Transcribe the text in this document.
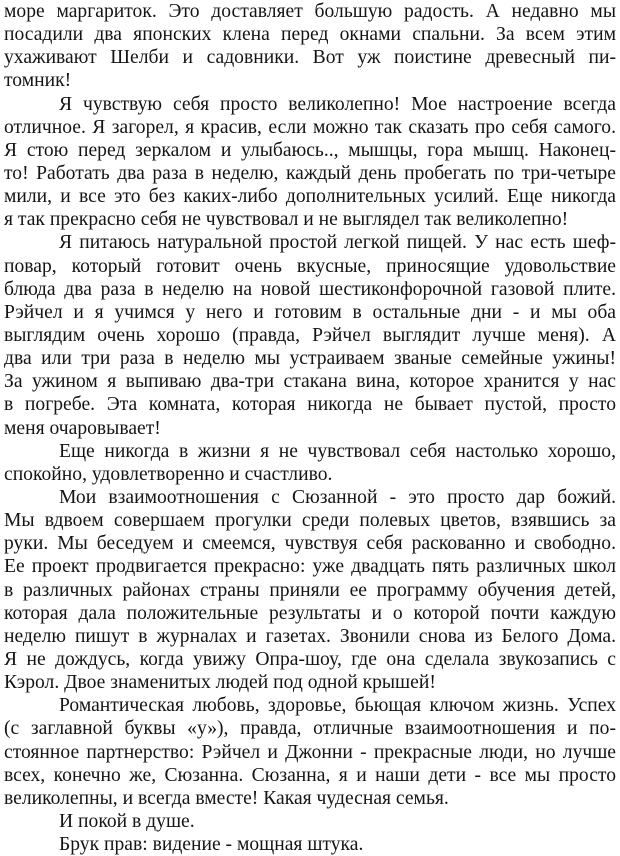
море маргариток. Это доставляет большую радость. А недавно мы
посадили два японских клена перед окнами спальни. За всем этим
ухаживают Шелби и садовники. Вот уж поистине древесный пи-
томник!
Я чувствую себя просто великолепно! Мое настроение всегда
отличное. Я загорел, я красив, если можно так сказать про себя самого.
Я стою перед зеркалом и улыбаюсь.., мышцы, гора мышц. Наконец-
то! Работать два раза в неделю, каждый день пробегать по три-четыре
мили, и все это без каких-либо дополнительных усилий. Еще никогда
я так прекрасно себя не чувствовал и не выглядел так великолепно!
Я питаюсь натуральной простой легкой пищей. У нас есть шеф-
повар, который готовит очень вкусные, приносящие удовольствие
блюда два раза в неделю на новой шестиконфорочной газовой плите.
Рэйчел и я учимся у него и готовим в остальные дни - и мы оба
выглядим очень хорошо (правда, Рэйчел выглядит лучше меня). А
два или три раза в неделю мы устраиваем званые семейные ужины!
За ужином я выпиваю два-три стакана вина, которое хранится у нас
в погребе. Эта комната, которая никогда не бывает пустой, просто
меня очаровывает!
Еще никогда в жизни я не чувствовал себя настолько хорошо,
спокойно, удовлетворенно и счастливо.
Мои взаимоотношения с Сюзанной - это просто дар божий.
Мы вдвоем совершаем прогулки среди полевых цветов, взявшись за
руки. Мы беседуем и смеемся, чувствуя себя раскованно и свободно.
Ее проект продвигается прекрасно: уже двадцать пять различных школ
в различных районах страны приняли ее программу обучения детей,
которая дала положительные результаты и о которой почти каждую
неделю пишут в журналах и газетах. Звонили снова из Белого Дома.
Я не дождусь, когда увижу Опра-шоу, где она сделала звукозапись с
Кэрол. Двое знаменитых людей под одной крышей!
Романтическая любовь, здоровье, бьющая ключом жизнь. Успех
(с заглавной буквы «у»), правда, отличные взаимоотношения и по-
стоянное партнерство: Рэйчел и Джонни - прекрасные люди, но лучше
всех, конечно же, Сюзанна. Сюзанна, я и наши дети - все мы просто
великолепны, и всегда вместе! Какая чудесная семья.
И покой в душе.
Брук прав: видение - мощная штука.
